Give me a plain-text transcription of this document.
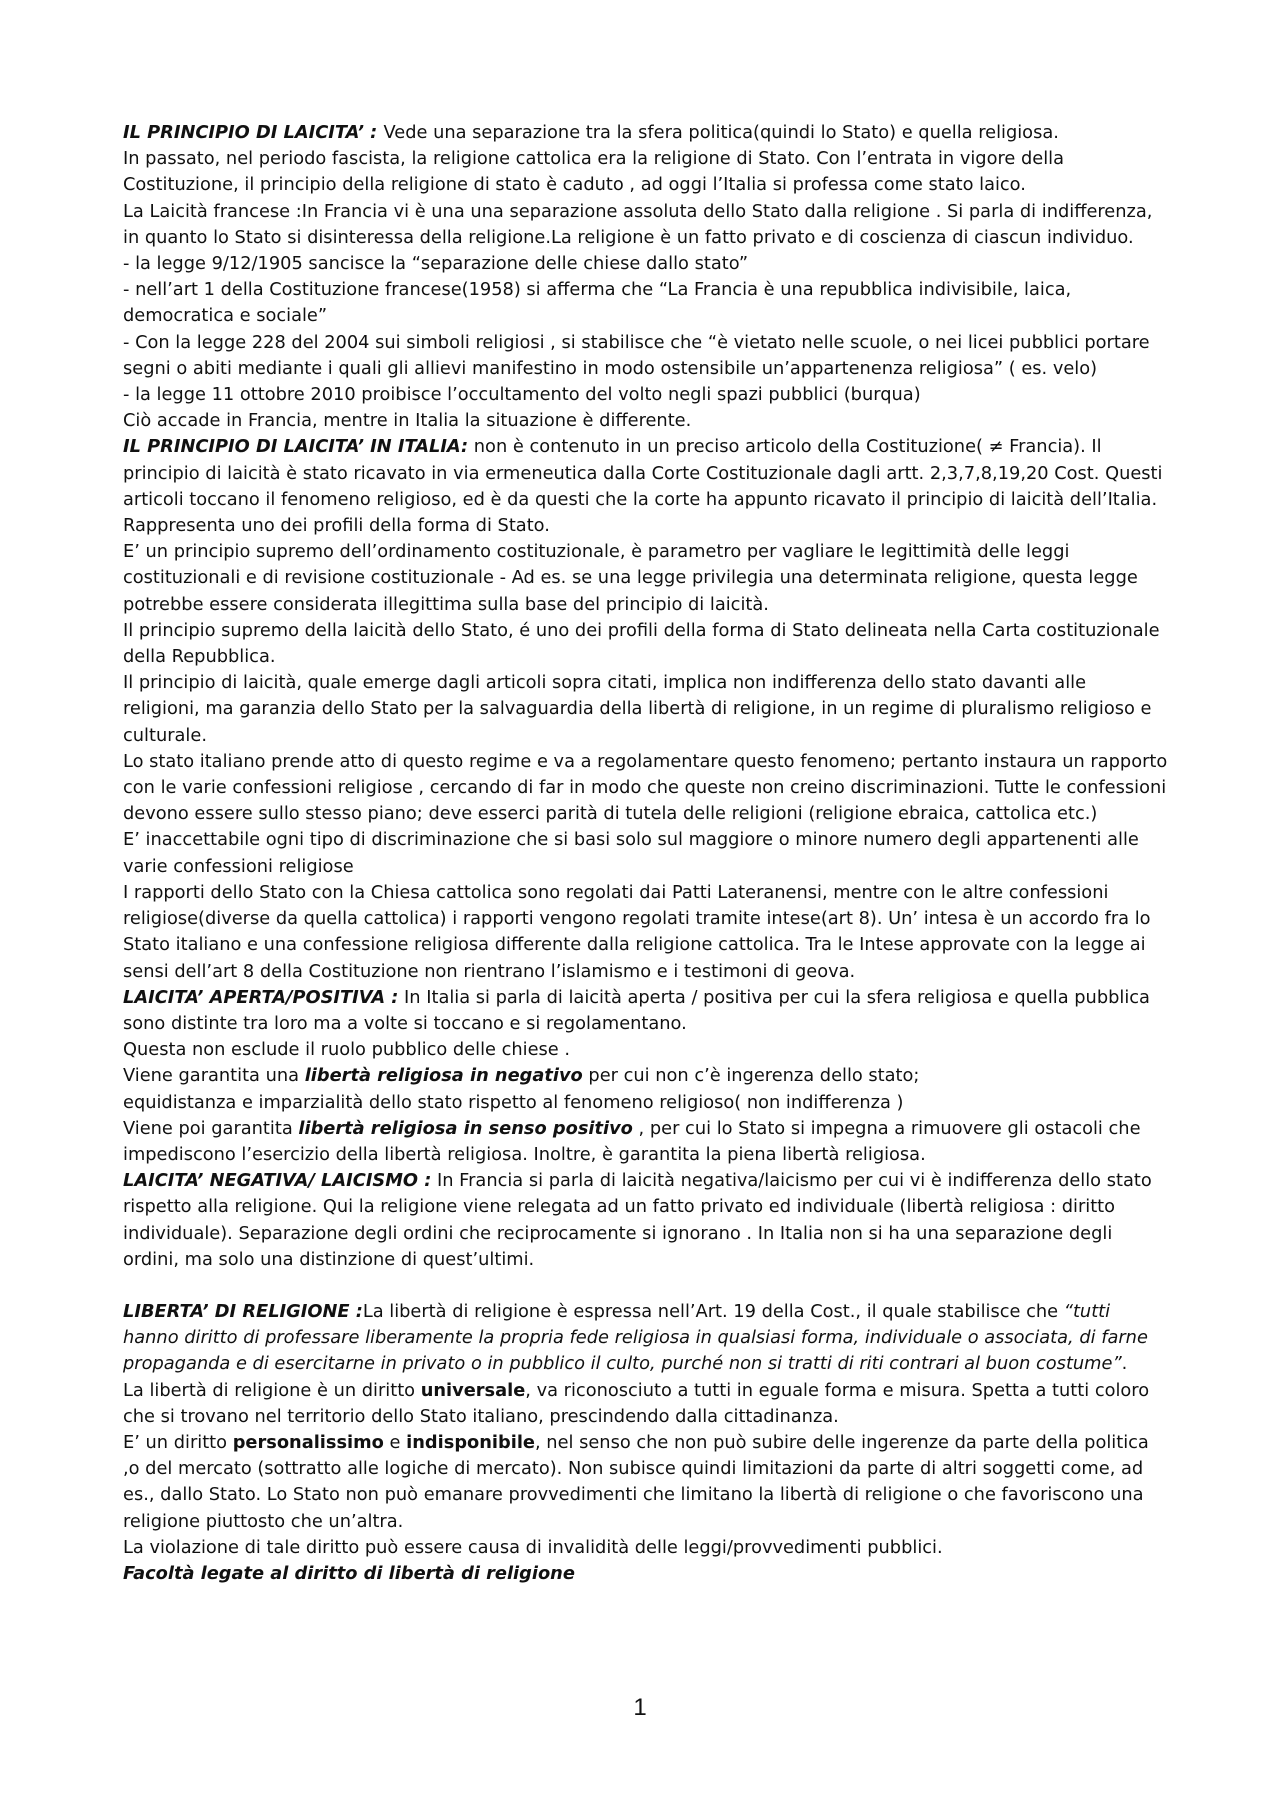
IL PRINCIPIO DI LAICITA’ : Vede una separazione tra la sfera politica(quindi lo Stato) e quella religiosa.

In passato, nel periodo fascista, la religione cattolica era la religione di Stato. Con l’entrata in vigore della Costituzione, il principio della religione di stato è caduto , ad oggi l’Italia si professa come stato laico.

La Laicità francese :In Francia vi è una una separazione assoluta dello Stato dalla religione . Si parla di indifferenza, in quanto lo Stato si disinteressa della religione.La religione è un fatto privato e di coscienza di ciascun individuo.

- la legge 9/12/1905 sancisce la “separazione delle chiese dallo stato”

- nell’art 1 della Costituzione francese(1958) si afferma che “La Francia è una repubblica indivisibile, laica, democratica e sociale”

- Con la legge 228 del 2004 sui simboli religiosi , si stabilisce che “è vietato nelle scuole, o nei licei pubblici portare segni o abiti mediante i quali gli allievi manifestino in modo ostensibile un’appartenenza religiosa” ( es. velo)

- la legge 11 ottobre 2010 proibisce l’occultamento del volto negli spazi pubblici (burqua)

Ciò accade in Francia, mentre in Italia la situazione è differente.

IL PRINCIPIO DI LAICITA’ IN ITALIA: non è contenuto in un preciso articolo della Costituzione( ≠ Francia). Il principio di laicità è stato ricavato in via ermeneutica dalla Corte Costituzionale dagli artt. 2,3,7,8,19,20 Cost. Questi articoli toccano il fenomeno religioso, ed è da questi che la corte ha appunto ricavato il principio di laicità dell’Italia. Rappresenta uno dei profili della forma di Stato.

E’ un principio supremo dell’ordinamento costituzionale, è parametro per vagliare le legittimità delle leggi costituzionali e di revisione costituzionale - Ad es. se una legge privilegia una determinata religione, questa legge potrebbe essere considerata illegittima sulla base del principio di laicità.

Il principio supremo della laicità dello Stato, é uno dei profili della forma di Stato delineata nella Carta costituzionale della Repubblica.

Il principio di laicità, quale emerge dagli articoli sopra citati, implica non indifferenza dello stato davanti alle religioni, ma garanzia dello Stato per la salvaguardia della libertà di religione, in un regime di pluralismo religioso e culturale.

Lo stato italiano prende atto di questo regime e va a regolamentare questo fenomeno; pertanto instaura un rapporto con le varie confessioni religiose , cercando di far in modo che queste non creino discriminazioni. Tutte le confessioni devono essere sullo stesso piano; deve esserci parità di tutela delle religioni (religione ebraica, cattolica etc.)

E’ inaccettabile ogni tipo di discriminazione che si basi solo sul maggiore o minore numero degli appartenenti alle varie confessioni religiose

I rapporti dello Stato con la Chiesa cattolica sono regolati dai Patti Lateranensi, mentre con le altre confessioni religiose(diverse da quella cattolica) i rapporti vengono regolati tramite intese(art 8). Un’ intesa è un accordo fra lo Stato italiano e una confessione religiosa differente dalla religione cattolica. Tra le Intese approvate con la legge ai sensi dell’art 8 della Costituzione non rientrano l’islamismo e i testimoni di geova.

LAICITA’ APERTA/POSITIVA : In Italia si parla di laicità aperta / positiva per cui la sfera religiosa e quella pubblica sono distinte tra loro ma a volte si toccano e si regolamentano.

Questa non esclude il ruolo pubblico delle chiese .

Viene garantita una libertà religiosa in negativo per cui non c’è ingerenza dello stato;

equidistanza e imparzialità dello stato rispetto al fenomeno religioso( non indifferenza )

Viene poi garantita libertà religiosa in senso positivo , per cui lo Stato si impegna a rimuovere gli ostacoli che impediscono l’esercizio della libertà religiosa. Inoltre, è garantita la piena libertà religiosa.

LAICITA’ NEGATIVA/ LAICISMO : In Francia si parla di laicità negativa/laicismo per cui vi è indifferenza dello stato rispetto alla religione. Qui la religione viene relegata ad un fatto privato ed individuale (libertà religiosa : diritto individuale). Separazione degli ordini che reciprocamente si ignorano . In Italia non si ha una separazione degli ordini, ma solo una distinzione di quest’ultimi.

LIBERTA’ DI RELIGIONE :La libertà di religione è espressa nell’Art. 19 della Cost., il quale stabilisce che “tutti hanno diritto di professare liberamente la propria fede religiosa in qualsiasi forma, individuale o associata, di farne propaganda e di esercitarne in privato o in pubblico il culto, purché non si tratti di riti contrari al buon costume”.

La libertà di religione è un diritto universale, va riconosciuto a tutti in eguale forma e misura. Spetta a tutti coloro che si trovano nel territorio dello Stato italiano, prescindendo dalla cittadinanza.

E’ un diritto personalissimo e indisponibile, nel senso che non può subire delle ingerenze da parte della politica ,o del mercato (sottratto alle logiche di mercato). Non subisce quindi limitazioni da parte di altri soggetti come, ad es., dallo Stato. Lo Stato non può emanare provvedimenti che limitano la libertà di religione o che favoriscono una religione piuttosto che un’altra.

La violazione di tale diritto può essere causa di invalidità delle leggi/provvedimenti pubblici.

Facoltà legate al diritto di libertà di religione

1
